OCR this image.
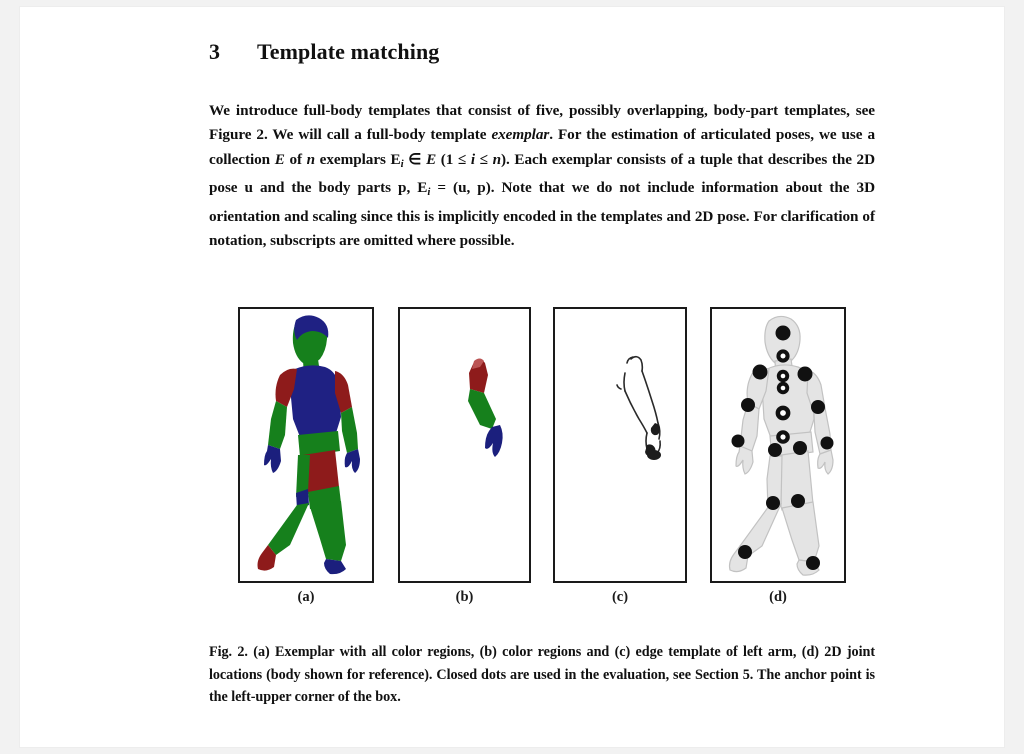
3	Template matching

We introduce full-body templates that consist of five, possibly overlapping, body-part templates, see Figure 2. We will call a full-body template exemplar. For the estimation of articulated poses, we use a collection E of n exemplars $E_i$ ∈ E (1 ≤ i ≤ n). Each exemplar consists of a tuple that describes the 2D pose u and the body parts p, $E_i = (u$, p). Note that we do not include information about the 3D orientation and scaling since this is implicitly encoded in the templates and 2D pose. For clarification of notation, subscripts are omitted where possible.

(a)	(b)	(c)	(d)

Fig. 2. (a) Exemplar with all color regions, (b) color regions and (c) edge template of left arm, (d) 2D joint locations (body shown for reference). Closed dots are used in the evaluation, see Section 5. The anchor point is the left-upper corner of the box.
